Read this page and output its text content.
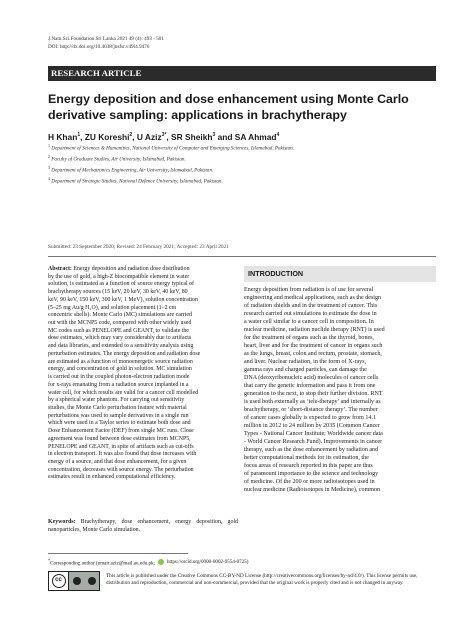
J.Natn.Sci.Foundation Sri Lanka 2021 49 (4): 493 - 501
DOI: http://dx.doi.org/10.4038/jnsfsr.v49i4.9476
RESEARCH ARTICLE
Energy deposition and dose enhancement using Monte Carlo
derivative sampling: applications in brachytherapy
H Khan$^1$, ZU Koreshi$^2$, U Aziz$^{3*}$, SR Sheikh$^3$ and SA Ahmad$^4$
$^1$ Department of Sciences & Humanities, National University of Computer and Emerging Sciences, Islamabad, Pakistan.
$^2$ Faculty of Graduate Studies, Air University, Islamabad, Pakistan.
$^3$ Department of Mechatronics Engineering, Air University, Islamabad, Pakistan.
$^4$ Department of Strategic Studies, National Defence University, Islamabad, Pakistan.
Submitted: 23 September 2020; Revised: 24 February 2021; Accepted: 23 April 2021
Abstract: Energy deposition and radiation dose distribution
by the use of gold, a high-Z biocompatible element in water
solution, is estimated as a function of source energy typical of
brachytherapy sources (15 keV, 20 keV, 30 keV, 40 keV, 80
keV, 90 keV, 150 keV, 300 keV, 1 MeV), solution concentration
(5–25 mg Au/g H₂O), and solution placement (1–2 cm
concentric shells). Monte Carlo (MC) simulations are carried
out with the MCNP5 code, compared with other widely used
MC codes such as PENELOPE and GEANT, to validate the
dose estimates, which may vary considerably due to artifacts
and data libraries, and extended to a sensitivity analysis using
perturbation estimates. The energy deposition and radiation dose
are estimated as a function of monoenergetic source radiation
energy, and concentration of gold in solution. MC simulation
is carried out in the coupled photon-electron radiation mode
for x-rays emanating from a radiation source implanted in a
water cell, for which results are valid for a cancer cell modelled
by a spherical water phantom. For carrying out sensitivity
studies, the Monte Carlo perturbation feature with material
perturbations was used to sample derivatives in a single run
which were used in a Taylor series to estimate both dose and
Dose Enhancement Factor (DEF) from single MC runs. Close
agreement was found between dose estimates from MCNP5,
PENELOPE and GEANT, in spite of artifacts such as cut-offs
in electron transport. It was also found that dose increases with
energy of a source, and that dose enhancement, for a given
concentration, decreases with source energy. The perturbation
estimates result in enhanced computational efficiency.
Keywords: Brachytherapy, dose enhancement, energy deposition, gold nanoparticles, Monte Carlo simulation.
INTRODUCTION
Energy deposition from radiation is of use for several
engineering and medical applications, such as the design
of radiation shields and in the treatment of cancer. This
research carried out simulations to estimate the dose in
a water cell similar to a cancer cell in composition. In
nuclear medicine, radiation nuclide therapy (RNT) is used
for the treatment of organs such as the thyroid, bones,
heart, liver and for the treatment of cancer in organs such
as the lungs, breast, colon and rectum, prostate, stomach,
and liver. Nuclear radiation, in the form of X-rays,
gamma rays and charged particles, can damage the
DNA (deoxyribonucleic acid) molecules of cancer cells
that carry the genetic information and pass it from one
generation to the next, to stop their further division. RNT
is used both externally as ‘tele-therapy’ and internally as
brachytherapy, or ‘short-distance therapy’. The number
of cancer cases globally is expected to grow from 14.1
million in 2012 to 24 million by 2035 (Common Cancer
Types - National Cancer Institute; Worldwide cancer data
- World Cancer Research Fund). Improvements in cancer
therapy, such as the dose enhancement by radiation and
better computational methods for its estimation, the
focus areas of research reported in this paper are thus
of paramount importance to the science and technology
of medicine. Of the 200 or more radioisotopes used in
nuclear medicine (Radioisotopes in Medicine), common
*Corresponding author (umair.aziz@mail.au.edu.pk; https://orcid.org/0000-0002-9554-0725)
cc
This article is published under the Creative Commons CC-BY-ND License (http://creativecommons.org/licenses/by-nd/4.0/). This license permits use, distribution and reproduction, commercial and non-commercial, provided that the original work is properly cited and is not changed in anyway.
